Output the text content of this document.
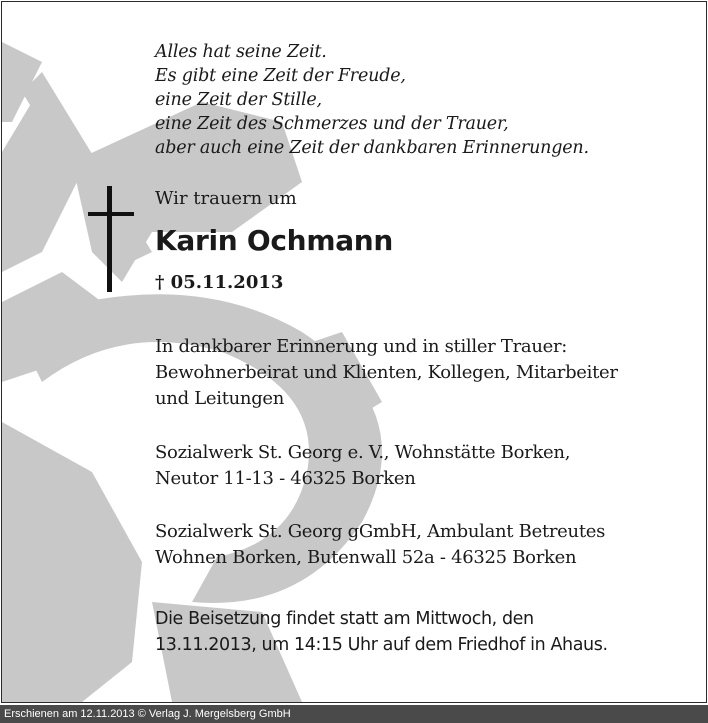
Alles hat seine Zeit.
Es gibt eine Zeit der Freude,
eine Zeit der Stille,
eine Zeit des Schmerzes und der Trauer,
aber auch eine Zeit der dankbaren Erinnerungen.
Wir trauern um
Karin Ochmann
† 05.11.2013
In dankbarer Erinnerung und in stiller Trauer:
Bewohnerbeirat und Klienten, Kollegen, Mitarbeiter
und Leitungen
Sozialwerk St. Georg e. V., Wohnstätte Borken,
Neutor 11-13 - 46325 Borken
Sozialwerk St. Georg gGmbH, Ambulant Betreutes
Wohnen Borken, Butenwall 52a - 46325 Borken
Die Beisetzung findet statt am Mittwoch, den
13.11.2013, um 14:15 Uhr auf dem Friedhof in Ahaus.
Erschienen am 12.11.2013 © Verlag J. Mergelsberg GmbH
